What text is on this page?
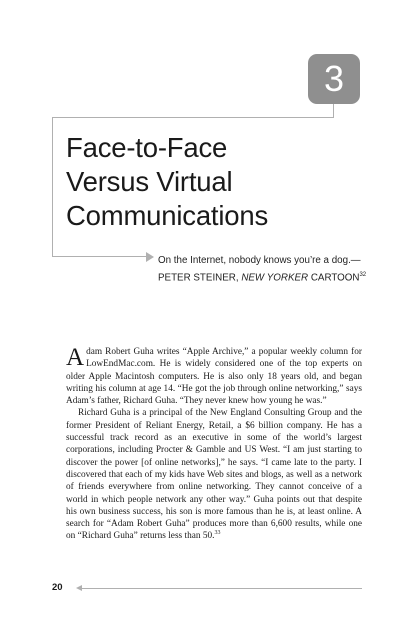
3
Face-to-Face
Versus Virtual
Communications
On the Internet, nobody knows you’re a dog.—PETER STEINER, NEW YORKER CARTOON$^{32}$

Adam Robert Guha writes “Apple Archive,” a popular weekly column for LowEndMac.com. He is widely considered one of the top experts on older Apple Macintosh computers. He is also only 18 years old, and began writing his column at age 14. “He got the job through online networking,” says Adam’s father, Richard Guha. “They never knew how young he was.”

Richard Guha is a principal of the New England Consulting Group and the former President of Reliant Energy, Retail, a $6 billion company. He has a successful track record as an executive in some of the world’s largest corporations, including Procter & Gamble and US West. “I am just starting to discover the power [of online networks],” he says. “I came late to the party. I discovered that each of my kids have Web sites and blogs, as well as a network of friends everywhere from online networking. They cannot conceive of a world in which people network any other way.” Guha points out that despite his own business success, his son is more famous than he is, at least online. A search for “Adam Robert Guha” produces more than 6,600 results, while one on “Richard Guha” returns less than 50.33

20
